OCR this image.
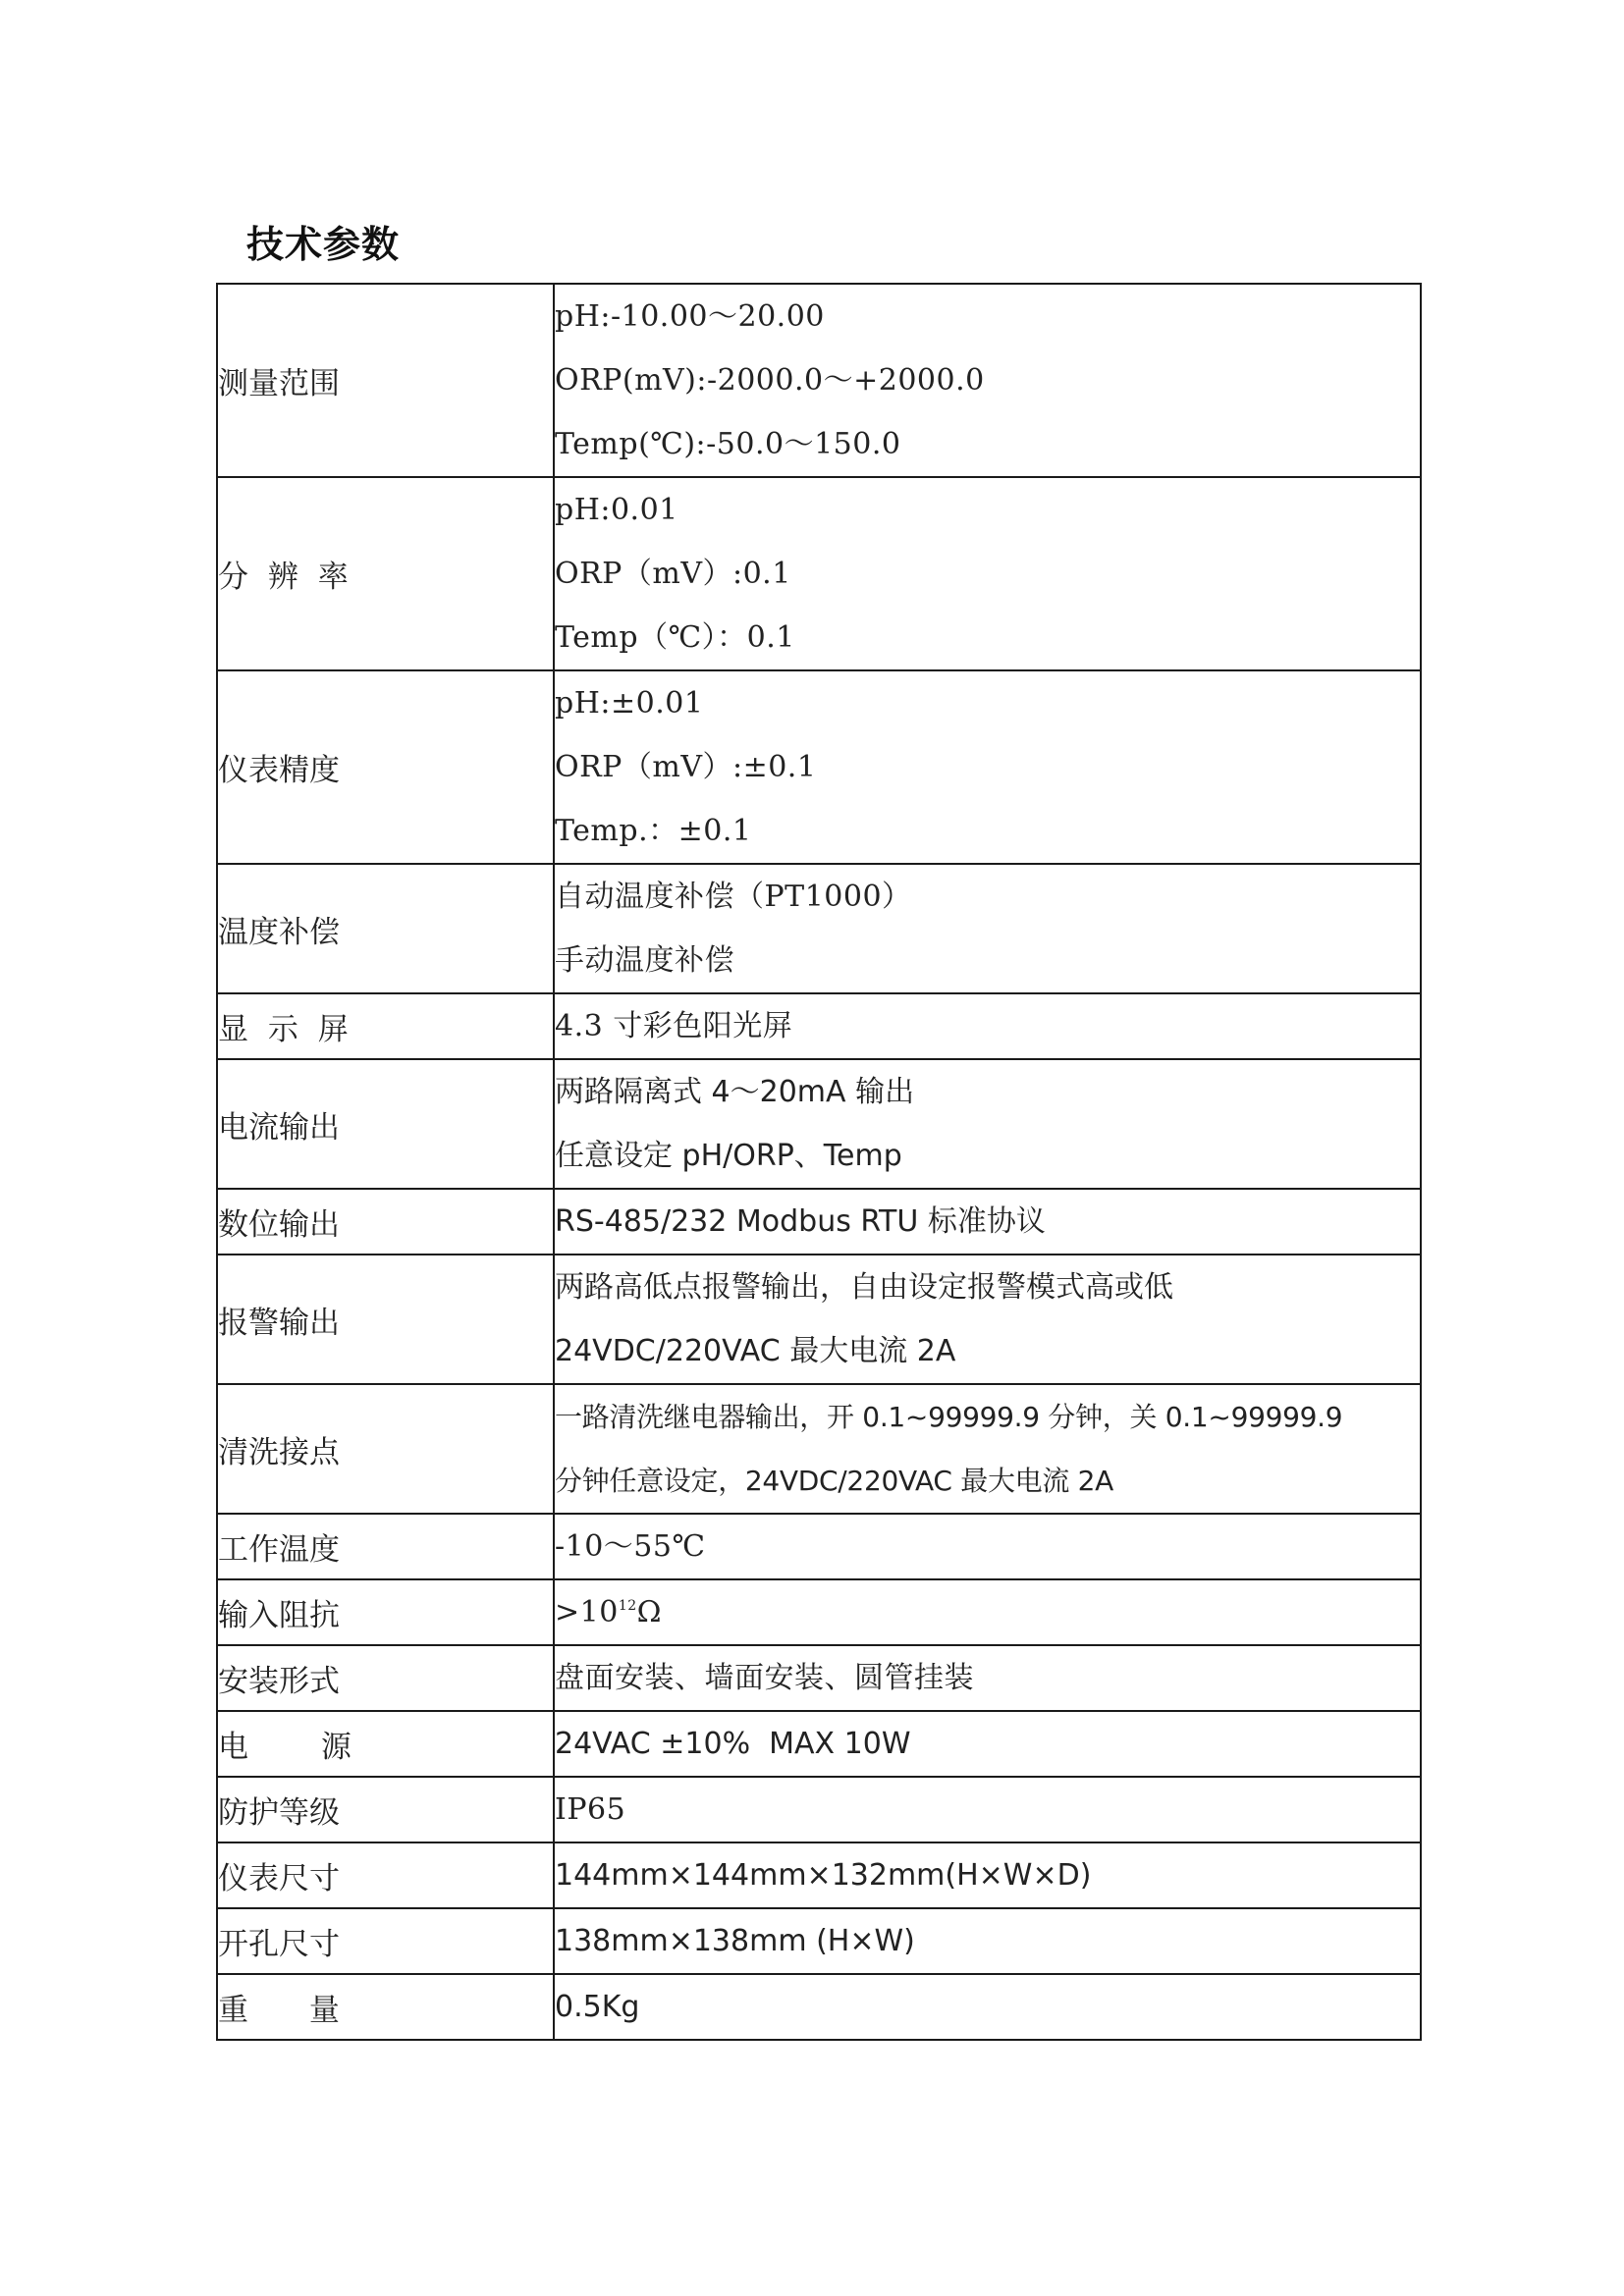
技术参数
测量范围	pH:-10.00～20.00
ORP(mV):-2000.0～+2000.0
Temp(℃):-50.0～150.0

分 辨 率	pH:0.01
ORP（mV）:0.1
Temp（℃）：0.1

仪表精度	pH:±0.01
ORP（mV）:±0.1
Temp.：±0.1

温度补偿	自动温度补偿（PT1000）
手动温度补偿

显 示 屏	4.3 寸彩色阳光屏

电流输出	两路隔离式 4～20mA 输出
任意设定 pH/ORP、Temp

数位输出	RS-485/232 Modbus RTU 标准协议

报警输出	两路高低点报警输出，自由设定报警模式高或低
24VDC/220VAC 最大电流 2A

清洗接点	一路清洗继电器输出，开 0.1~99999.9 分钟，关 0.1~99999.9
分钟任意设定，24VDC/220VAC 最大电流 2A

工作温度	-10～55℃

输入阻抗	$>10^{12}\Omega$

安装形式	盘面安装、墙面安装、圆管挂装

电 源	24VAC ±10%  MAX 10W

防护等级	IP65

仪表尺寸	144mm×144mm×132mm(H×W×D)

开孔尺寸	138mm×138mm (H×W)

重 量	0.5Kg
